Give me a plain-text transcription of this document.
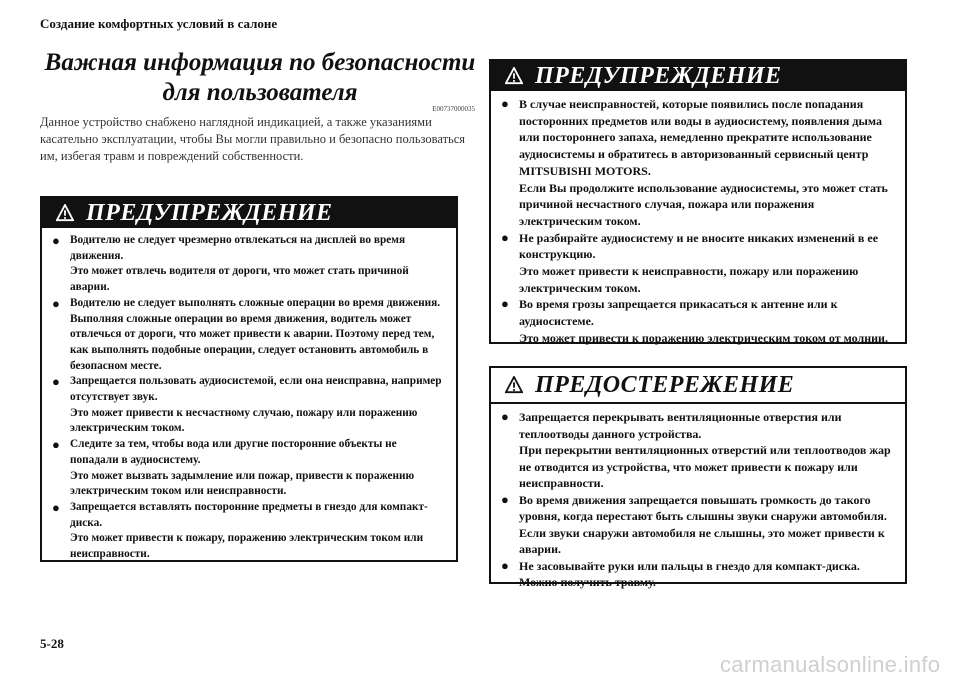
Создание комфортных условий в салоне
Важная информация по безопасности
для пользователя
E00737000035
Данное устройство снабжено наглядной индикацией, а также указаниями касательно эксплуатации, чтобы Вы могли правильно и безопасно пользоваться им, избегая травм и повреждений собственности.
ПРЕДУПРЕЖДЕНИЕ
● Водителю не следует чрезмерно отвлекаться на дисплей во время движения.
Это может отвлечь водителя от дороги, что может стать причиной аварии.
● Водителю не следует выполнять сложные операции во время движения.
Выполняя сложные операции во время движения, водитель может отвлечься от дороги, что может привести к аварии. Поэтому перед тем, как выполнять подобные операции, следует остановить автомобиль в безопасном месте.
● Запрещается пользовать аудиосистемой, если она неисправна, например отсутствует звук.
Это может привести к несчастному случаю, пожару или поражению электрическим током.
● Следите за тем, чтобы вода или другие посторонние объекты не попадали в аудиосистему.
Это может вызвать задымление или пожар, привести к поражению электрическим током или неисправности.
● Запрещается вставлять посторонние предметы в гнездо для компакт-диска.
Это может привести к пожару, поражению электрическим током или неисправности.
ПРЕДУПРЕЖДЕНИЕ
● В случае неисправностей, которые появились после попадания посторонних предметов или воды в аудиосистему, появления дыма или постороннего запаха, немедленно прекратите использование аудиосистемы и обратитесь в авторизованный сервисный центр MITSUBISHI MOTORS.
Если Вы продолжите использование аудиосистемы, это может стать причиной несчастного случая, пожара или поражения электрическим током.
● Не разбирайте аудиосистему и не вносите никаких изменений в ее конструкцию.
Это может привести к неисправности, пожару или поражению электрическим током.
● Во время грозы запрещается прикасаться к антенне или к аудиосистеме.
Это может привести к поражению электрическим током от молнии.
ПРЕДОСТЕРЕЖЕНИЕ
● Запрещается перекрывать вентиляционные отверстия или теплоотводы данного устройства.
При перекрытии вентиляционных отверстий или теплоотводов жар не отводится из устройства, что может привести к пожару или неисправности.
● Во время движения запрещается повышать громкость до такого уровня, когда перестают быть слышны звуки снаружи автомобиля.
Если звуки снаружи автомобиля не слышны, это может привести к аварии.
● Не засовывайте руки или пальцы в гнездо для компакт-диска.
Можно получить травму.
5-28
carmanualsonline.info
